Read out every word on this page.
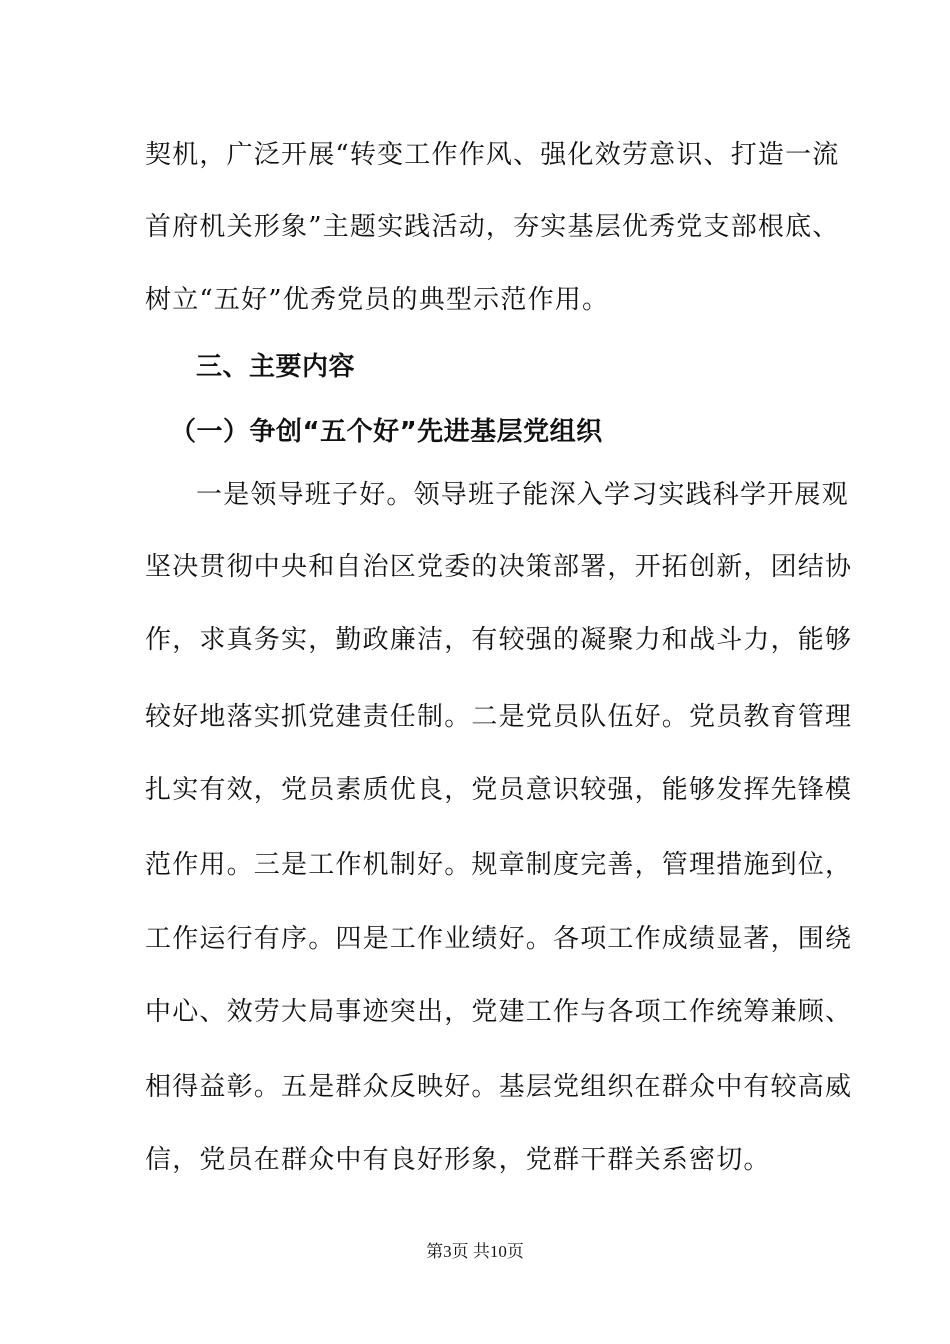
契机，广泛开展“转变工作作风、强化效劳意识、打造一流
首府机关形象”主题实践活动，夯实基层优秀党支部根底、
树立“五好”优秀党员的典型示范作用。
三、主要内容
（一）争创“五个好”先进基层党组织
一是领导班子好。领导班子能深入学习实践科学开展观
坚决贯彻中央和自治区党委的决策部署，开拓创新，团结协
作，求真务实，勤政廉洁，有较强的凝聚力和战斗力，能够
较好地落实抓党建责任制。二是党员队伍好。党员教育管理
扎实有效，党员素质优良，党员意识较强，能够发挥先锋模
范作用。三是工作机制好。规章制度完善，管理措施到位，
工作运行有序。四是工作业绩好。各项工作成绩显著，围绕
中心、效劳大局事迹突出，党建工作与各项工作统筹兼顾、
相得益彰。五是群众反映好。基层党组织在群众中有较高威
信，党员在群众中有良好形象，党群干群关系密切。
第3页 共10页
